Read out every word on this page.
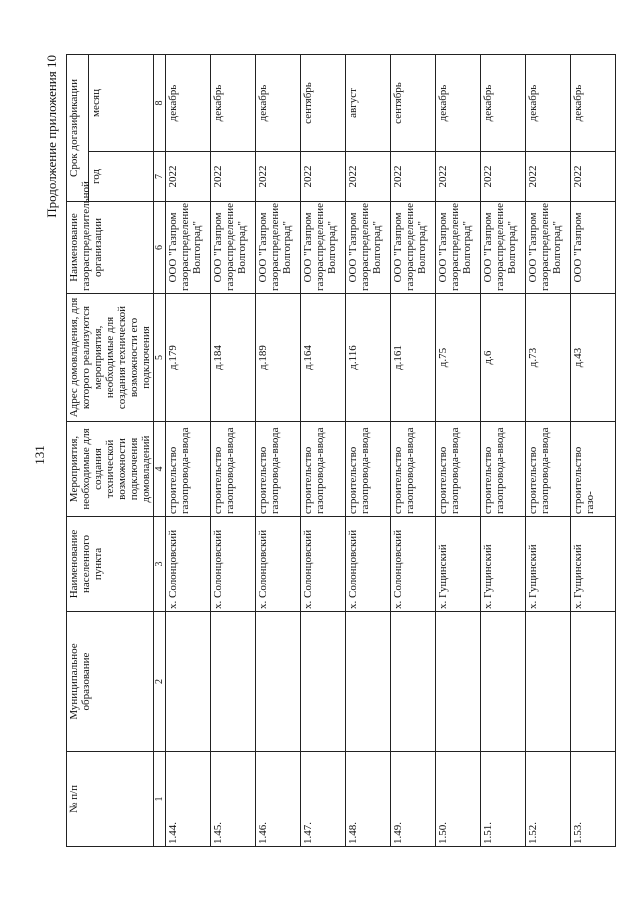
131
Продолжение приложения 10
№ п/п	Муниципальное образование	Наименование населенного пункта	Мероприятия, необходимые для создания технической возможности подключения домовладений	Адрес домовладения, для которого реализуются мероприятия, необходимые для создания технической возможности его подключения	Наименование газораспределительной организации	Срок догазификации	
						год	месяц
1	2	3	4	5	6	7	8
1.44.		х. Солонцовский	строительство газопровода-ввода	д.179	ООО "Газпром газораспределение Волгоград"	2022	декабрь
1.45.		х. Солонцовский	строительство газопровода-ввода	д.184	ООО "Газпром газораспределение Волгоград"	2022	декабрь
1.46.		х. Солонцовский	строительство газопровода-ввода	д.189	ООО "Газпром газораспределение Волгоград"	2022	декабрь
1.47.		х. Солонцовский	строительство газопровода-ввода	д.164	ООО "Газпром газораспределение Волгоград"	2022	сентябрь
1.48.		х. Солонцовский	строительство газопровода-ввода	д.116	ООО "Газпром газораспределение Волгоград"	2022	август
1.49.		х. Солонцовский	строительство газопровода-ввода	д.161	ООО "Газпром газораспределение Волгоград"	2022	сентябрь
1.50.		х. Гущинский	строительство газопровода-ввода	д.75	ООО "Газпром газораспределение Волгоград"	2022	декабрь
1.51.		х. Гущинский	строительство газопровода-ввода	д.6	ООО "Газпром газораспределение Волгоград"	2022	декабрь
1.52.		х. Гущинский	строительство газопровода-ввода	д.73	ООО "Газпром газораспределение Волгоград"	2022	декабрь
1.53.		х. Гущинский	строительство газо-	д.43	ООО "Газпром	2022	декабрь
